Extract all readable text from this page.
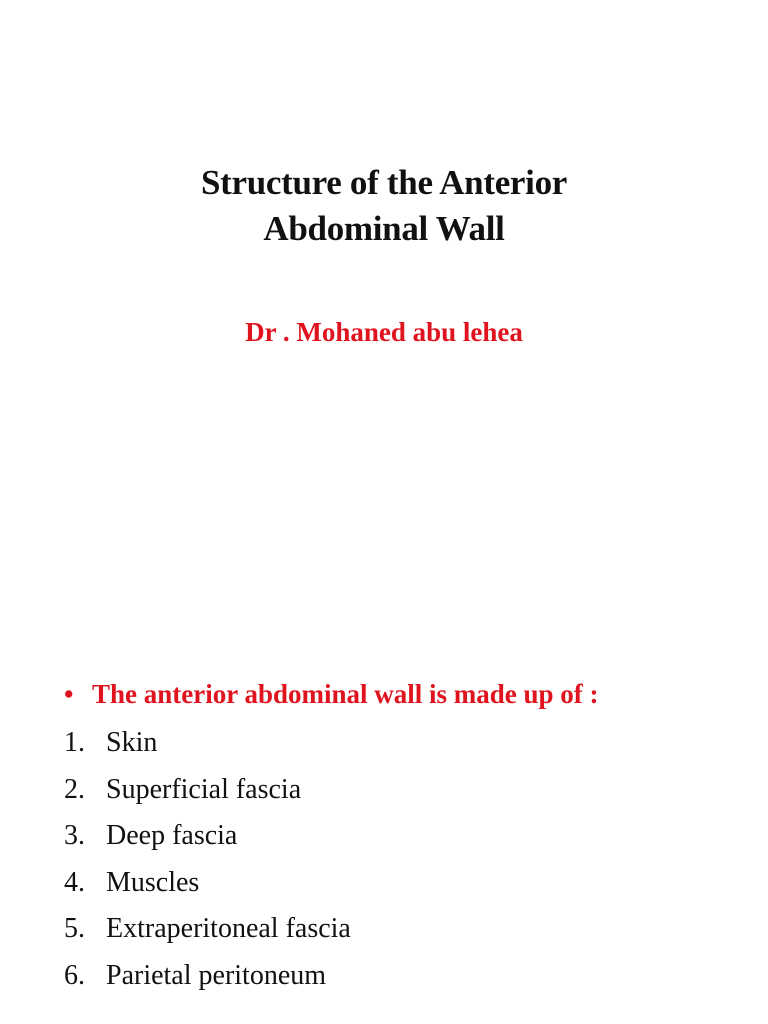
Structure of the Anterior
Abdominal Wall
Dr . Mohaned abu lehea
• The anterior abdominal wall is made up of :
1. Skin
2. Superficial fascia
3. Deep fascia
4. Muscles
5. Extraperitoneal fascia
6. Parietal peritoneum
